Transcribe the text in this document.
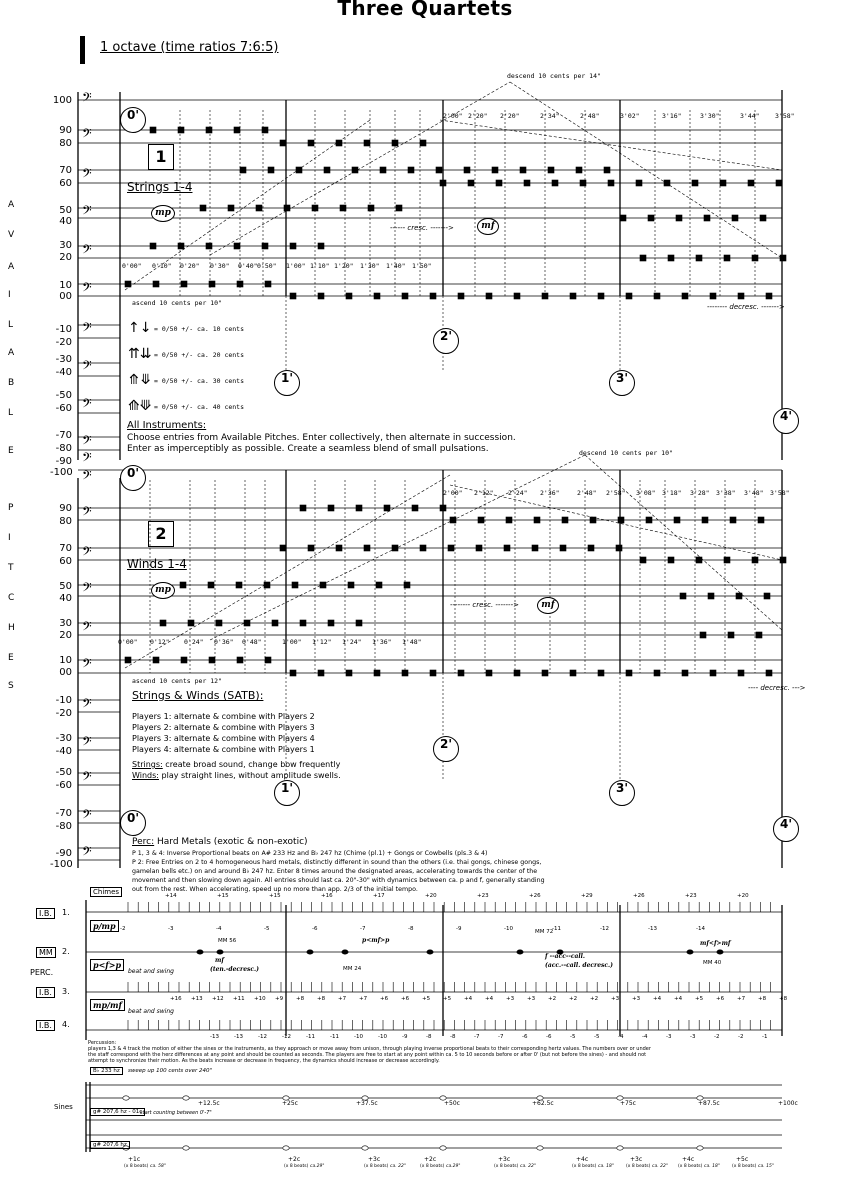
Three Quartets
1 octave (time ratios 7:6:5)
𝄢
𝄢
𝄢
𝄢
𝄢
𝄢
𝄢
𝄢
𝄢
𝄢
𝄢
𝄢
𝄢
𝄢
𝄢
𝄢
𝄢
𝄢
𝄢
𝄢
𝄢
𝄢
A
V
A
I
L
A
B
L
E
P
I
T
C
H
E
S
100
90
80
70
60
50
40
30
20
10
00
-10
-20
-30
-40
-50
-60
-70
-80
-90
-100
90
80
70
60
50
40
30
20
10
00
-10
-20
-30
-40
-50
-60
-70
-80
-90
-100
0'
1'
2'
3'
4'
1
Strings 1-4
mp
------ cresc. ------->	mf
-------- decresc. ------->
descend 10 cents per 14"
ascend 10 cents per 10"
2'00" 2'20" 2'20"	2'34"	2'48"	3'02"	3'16"	3'30"	3'44" 3'58"
0'00" 0'10" 0'20" 0'30" 0'40" 0'50" 1'00" 1'10" 1'20" 1'30" 1'40" 1'50"
↑↓ = 0/50 +/- ca. 10 cents
⇈⇊ = 0/50 +/- ca. 20 cents
⤊⤋ = 0/50 +/- ca. 30 cents
⟰⟱ = 0/50 +/- ca. 40 cents
All Instruments:
Choose entries from Available Pitches. Enter collectively, then alternate in succession.
Enter as imperceptibly as possible. Create a seamless blend of small pulsations.
0'
1'
2'
3'
0'	4'
2
Winds 1-4
mp
-------- cresc. ------->	mf
---- decresc. --->
descend 10 cents per 10"
ascend 10 cents per 12"
2'00" 2'12" 2'24" 2'36"	2'48" 2'58" 3'08" 3'18" 3'28" 3'38" 3'48" 3'58"
0'00" 0'12" 0'24" 0'36" 0'48"	1'00" 1'12" 1'24" 1'36" 1'48"
Strings & Winds (SATB):
Players 1: alternate & combine with Players 2
Players 2: alternate & combine with Players 3
Players 3: alternate & combine with Players 4
Players 4: alternate & combine with Players 1
Strings: create broad sound, change bow frequently
Winds: play straight lines, without amplitude swells.
Perc: Hard Metals (exotic & non-exotic)
P 1, 3 & 4: Inverse Proportional beats on A# 233 Hz and B♭ 247 hz (Chime (pl.1) + Gongs or Cowbells (pls.3 & 4)
P 2: Free Entries on 2 to 4 homogeneous hard metals, distinctly different in sound than the others (i.e. thai gongs, chinese gongs,
gamelan bells etc.) on and around B♭ 247 hz. Enter 8 times around the designated areas, accelerating towards the center of the
movement and then slowing down again. All entries should last ca. 20"-30" with dynamics between ca. p and f, generally standing
out from the rest. When accelerating, speed up no more than app. 2/3 of the initial tempo.
Chimes
PERC.
I.B.	1.
p/mp
MM	2.
p<f>p
I.B.	3.
mp/mf
I.B.	4.
beat and swing
beat and swing
+14	+15	+15	+16	+17	+20	+23	+26	+29	+26	+23	+20
-2	-3	-4	-5	-6	-7	-8	-9	-10	-11	-12	-13	-14
+16 +13 +12 +11 +10 +9 +8 +8 +7 +7 +6 +6 +5 +5 +4 +4 +3 +3 +2 +2 +2 +3 +3 +4 +4 +5 +6 +7 +8 +8
-13	-13	-12	-12	-11	-11	-10	-10	-9	-8	-8	-7	-7	-6	-6	-5	-5	-4	-4	-3	-3	-2	-2	-1
MM 56
MM 24
MM 72
MM 40
mf
(ten.-decresc.)
p<mf>p
f --acc--call.
(acc.--call. decresc.)
mf<f>mf
Percussion:
players 1,3 & 4 track the motion of either the sines or the instruments, as they approach or move away from unison, through playing inverse proportional beats to their corresponding hertz values. The numbers over or under
the staff correspond with the herz differences at any point and should be counted as seconds. The players are free to start at any point within ca. 5 to 10 seconds before or after 0' (but not before the sines) - and should not
attempt to synchronize their motion. As the beats increase or decrease in frequency, the dynamics should increase or decrease accordingly.
Sines
B♭ 233 hz	sweep up 100 cents over 240"
g# 207,6 hz - 01c
start counting between 0'-7"
g# 207,6 hz
+12.5c	+25c	+37.5c	+50c	+62.5c	+75c	+87.5c	+100c
+1c
(x 8 beats) ca. 58"
+2c
(x 8 beats) ca.29"
+3c
(x 8 beats) ca. 22"
+2c
(x 8 beats) ca.29"
+3c
(x 8 beats) ca. 22"
+4c
(x 8 beats) ca. 18"
+3c
(x 8 beats) ca. 22"
+4c
(x 8 beats) ca. 18"
+5c
(x 8 beats) ca. 15"
